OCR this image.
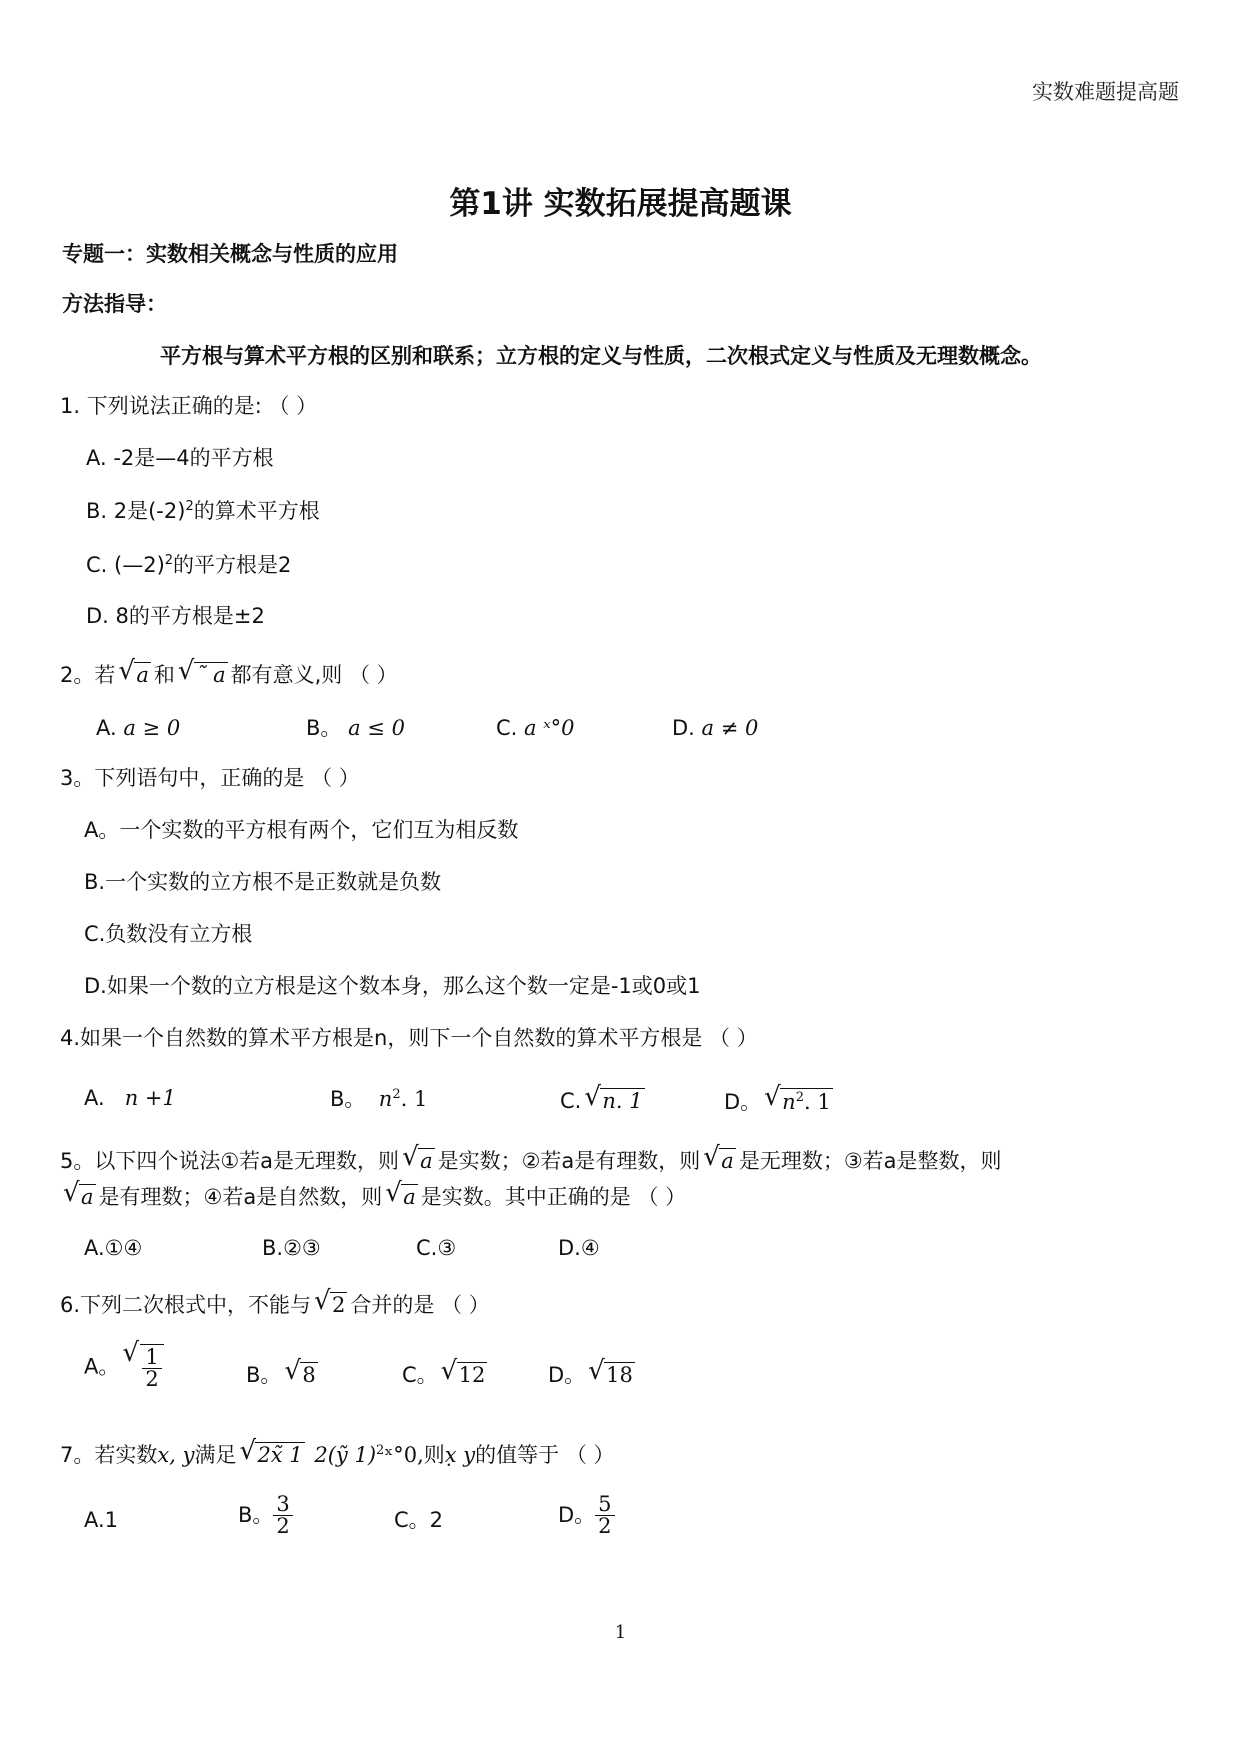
实数难题提高题
第1讲 实数拓展提高题课
专题一：实数相关概念与性质的应用
方法指导：
平方根与算术平方根的区别和联系；立方根的定义与性质，二次根式定义与性质及无理数概念。
1. 下列说法正确的是: （ ）
A. -2是—4的平方根
B. 2是$(-2)^2$的算术平方根
C. (—2)$^2$的平方根是2
D. 8的平方根是±2
2。若 √ a 和 √ ˜ a 都有意义,则 （ ）
A. a ≥ 0	B。 a ≤ 0	C. a ˣ°0	D. a ≠ 0
3。下列语句中，正确的是 （ ）
A。一个实数的平方根有两个，它们互为相反数
B.一个实数的立方根不是正数就是负数
C.负数没有立方根
D.如果一个数的立方根是这个数本身，那么这个数一定是-1或0或1
4.如果一个自然数的算术平方根是n，则下一个自然数的算术平方根是 （ ）
A. n +1	B。 $n^2$. 1	C. √ n. 1	D。 √ $n^2$. 1
5。以下四个说法①若a是无理数，则 √ a 是实数；②若a是有理数，则 √ a 是无理数；③若a是整数，则
√ a 是有理数；④若a是自然数，则 √ a 是实数。其中正确的是 （ ）
A.①④	B.②③	C.③	D.④
6.下列二次根式中，不能与 √ 2 合并的是 （ ）
A。 √ $\frac{1}{2}$	B。 √ 8	C。 √ 12	D。 √ 18
7。若实数x, y满足 √ 2x̃ 1 2(ỹ 1)$^2$ˣ°0,则x̣ y的值等于 （ ）
A.1	B。 $\frac{3}{2}$	C。2	D。 $\frac{5}{2}$
1
